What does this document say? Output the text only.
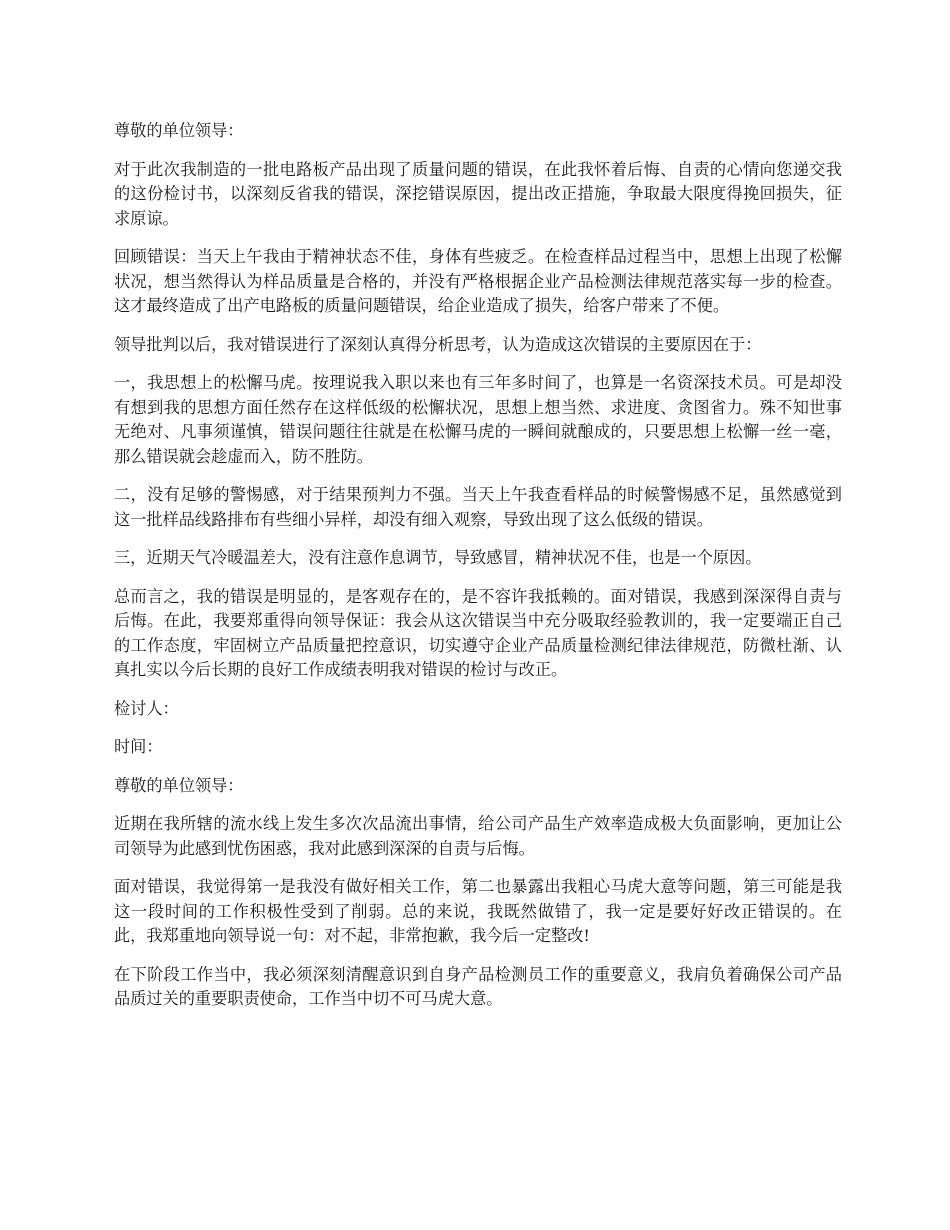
尊敬的单位领导：

对于此次我制造的一批电路板产品出现了质量问题的错误，在此我怀着后悔、自责的心情向您递交我的这份检讨书，以深刻反省我的错误，深挖错误原因，提出改正措施，争取最大限度得挽回损失，征求原谅。

回顾错误：当天上午我由于精神状态不佳，身体有些疲乏。在检查样品过程当中，思想上出现了松懈状况，想当然得认为样品质量是合格的，并没有严格根据企业产品检测法律规范落实每一步的检查。这才最终造成了出产电路板的质量问题错误，给企业造成了损失，给客户带来了不便。

领导批判以后，我对错误进行了深刻认真得分析思考，认为造成这次错误的主要原因在于：

一，我思想上的松懈马虎。按理说我入职以来也有三年多时间了，也算是一名资深技术员。可是却没有想到我的思想方面任然存在这样低级的松懈状况，思想上想当然、求进度、贪图省力。殊不知世事无绝对、凡事须谨慎，错误问题往往就是在松懈马虎的一瞬间就酿成的，只要思想上松懈一丝一毫，那么错误就会趁虚而入，防不胜防。

二，没有足够的警惕感，对于结果预判力不强。当天上午我查看样品的时候警惕感不足，虽然感觉到这一批样品线路排布有些细小异样，却没有细入观察，导致出现了这么低级的错误。

三，近期天气冷暖温差大，没有注意作息调节，导致感冒，精神状况不佳，也是一个原因。

总而言之，我的错误是明显的，是客观存在的，是不容许我抵赖的。面对错误，我感到深深得自责与后悔。在此，我要郑重得向领导保证：我会从这次错误当中充分吸取经验教训的，我一定要端正自己的工作态度，牢固树立产品质量把控意识，切实遵守企业产品质量检测纪律法律规范，防微杜渐、认真扎实以今后长期的良好工作成绩表明我对错误的检讨与改正。

检讨人：

时间：

尊敬的单位领导：

近期在我所辖的流水线上发生多次次品流出事情，给公司产品生产效率造成极大负面影响，更加让公司领导为此感到忧伤困惑，我对此感到深深的自责与后悔。

面对错误，我觉得第一是我没有做好相关工作，第二也暴露出我粗心马虎大意等问题，第三可能是我这一段时间的工作积极性受到了削弱。总的来说，我既然做错了，我一定是要好好改正错误的。在此，我郑重地向领导说一句：对不起，非常抱歉，我今后一定整改!

在下阶段工作当中，我必须深刻清醒意识到自身产品检测员工作的重要意义，我肩负着确保公司产品品质过关的重要职责使命，工作当中切不可马虎大意。
